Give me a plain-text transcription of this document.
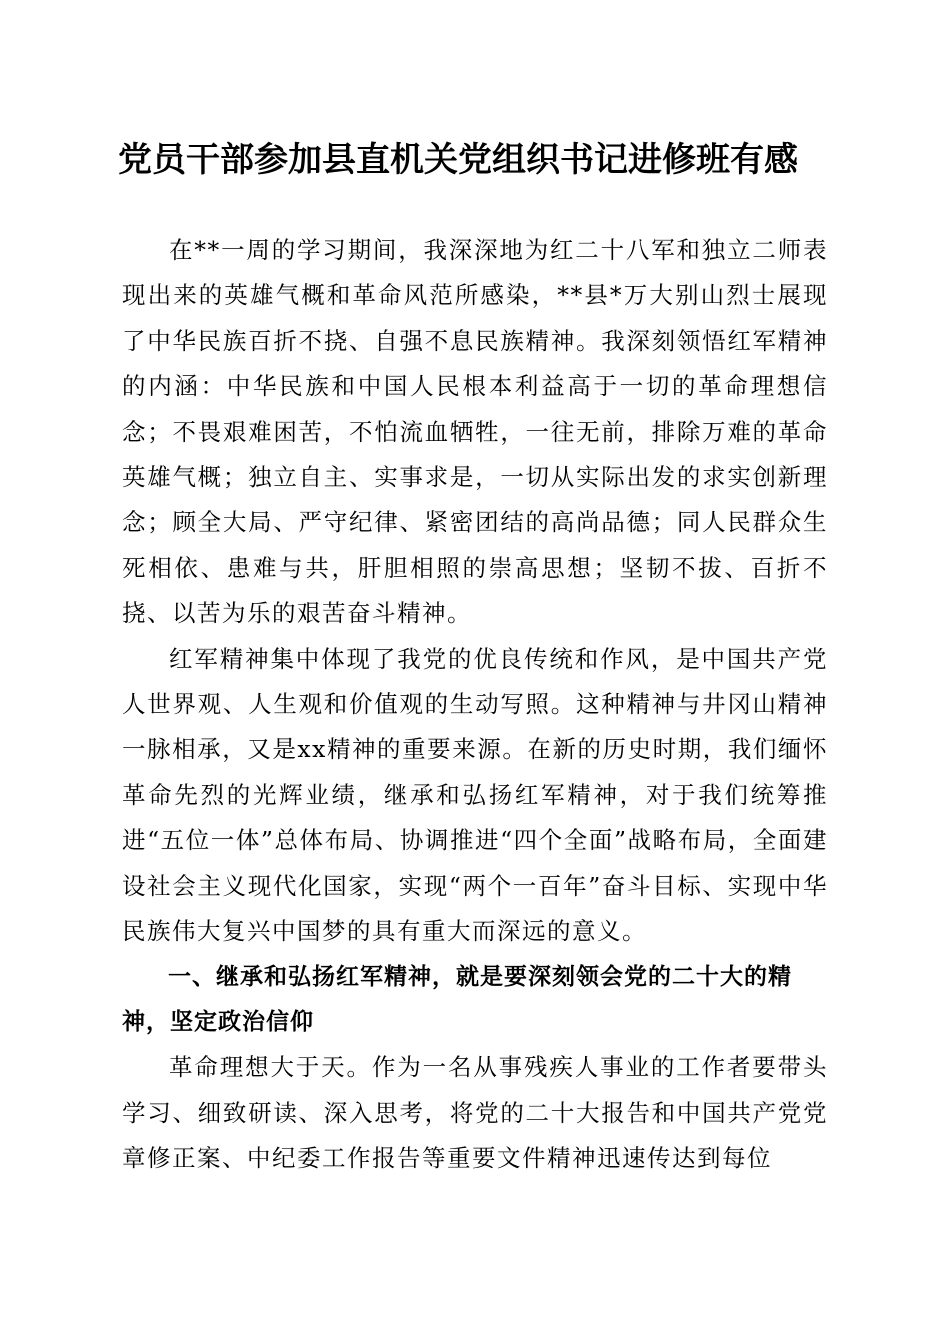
党员干部参加县直机关党组织书记进修班有感

在**一周的学习期间，我深深地为红二十八军和独立二师表现出来的英雄气概和革命风范所感染，**县*万大别山烈士展现了中华民族百折不挠、自强不息民族精神。我深刻领悟红军精神的内涵：中华民族和中国人民根本利益高于一切的革命理想信念；不畏艰难困苦，不怕流血牺牲，一往无前，排除万难的革命英雄气概；独立自主、实事求是，一切从实际出发的求实创新理念；顾全大局、严守纪律、紧密团结的高尚品德；同人民群众生死相依、患难与共，肝胆相照的崇高思想；坚韧不拔、百折不挠、以苦为乐的艰苦奋斗精神。

红军精神集中体现了我党的优良传统和作风，是中国共产党人世界观、人生观和价值观的生动写照。这种精神与井冈山精神一脉相承，又是xx精神的重要来源。在新的历史时期，我们缅怀革命先烈的光辉业绩，继承和弘扬红军精神，对于我们统筹推进“五位一体”总体布局、协调推进“四个全面”战略布局，全面建设社会主义现代化国家，实现“两个一百年”奋斗目标、实现中华民族伟大复兴中国梦的具有重大而深远的意义。

一、继承和弘扬红军精神，就是要深刻领会党的二十大的精神，坚定政治信仰

革命理想大于天。作为一名从事残疾人事业的工作者要带头学习、细致研读、深入思考，将党的二十大报告和中国共产党党章修正案、中纪委工作报告等重要文件精神迅速传达到每位
